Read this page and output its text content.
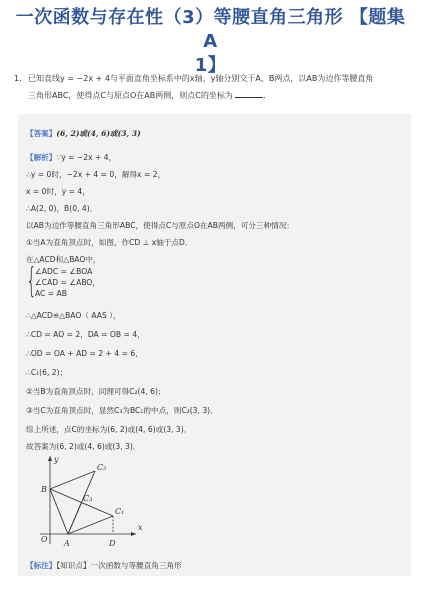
一次函数与存在性（3）等腰直角三角形 【题集A
1】
1. 已知直线y = −2x + 4与平面直角坐标系中的x轴、y轴分别交于A、B两点，以AB为边作等腰直角
三角形ABC，使得点C与原点O在AB两侧，则点C的坐标为	．
【答案】(6, 2)或(4, 6)或(3, 3)
【解析】∵y = −2x + 4，
∴y = 0时，−2x + 4 = 0，解得x = 2，
x = 0时，y = 4，
∴A(2, 0)，B(0, 4)．
以AB为边作等腰直角三角形ABC，使得点C与原点O在AB两侧，可分三种情况：
①当A为直角顶点时，如图，作CD ⊥ x轴于点D．
在△ACD和△BAO中，
{
∠ADC = ∠BOA
∠CAD = ∠ABO，
AC = AB
∴△ACD≌△BAO（ AAS ），
∴CD = AO = 2，DA = OB = 4，
∴OD = OA + AD = 2 + 4 = 6，
∴C₁(6, 2)；
②当B为直角顶点时，同理可得C₂(4, 6)；
③当C为直角顶点时，显然C₃为BC₁的中点，则C₃(3, 3)．
综上所述，点C的坐标为(6, 2)或(4, 6)或(3, 3)．
故答案为(6, 2)或(4, 6)或(3, 3)．
y
x
O A
B
D
C₁
C₂
C₃
【标注】【知识点】一次函数与等腰直角三角形
